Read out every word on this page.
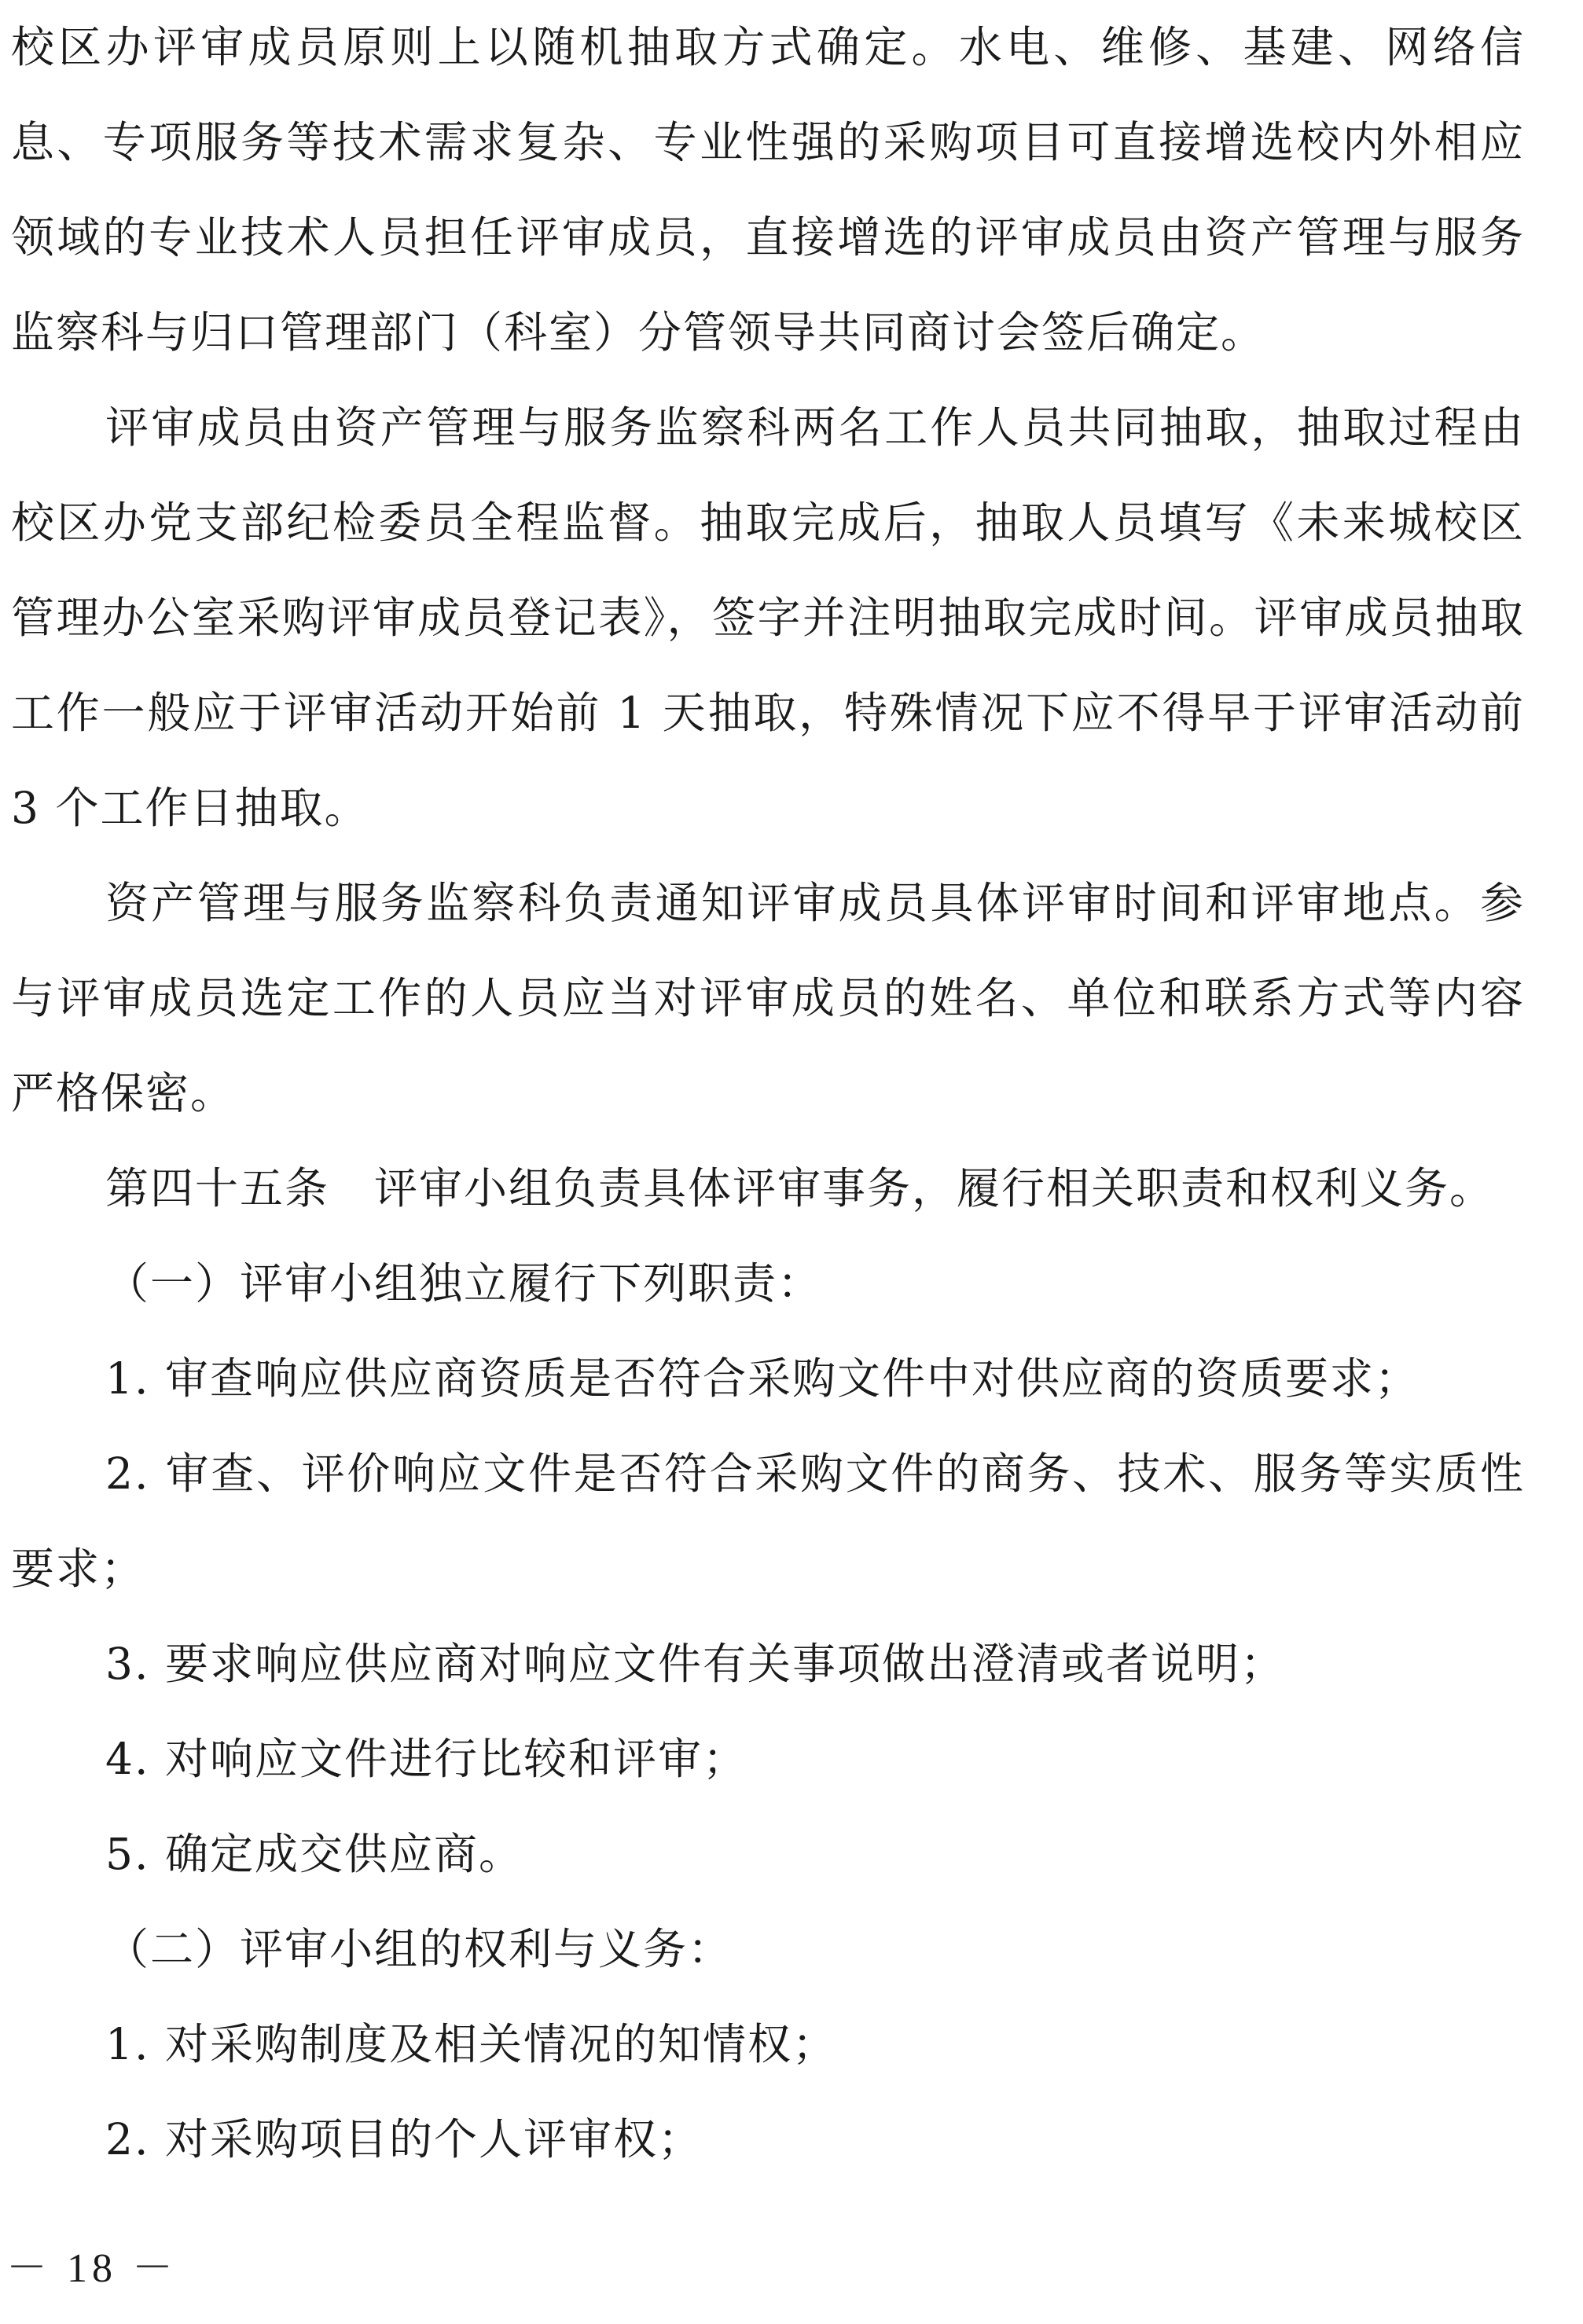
校区办评审成员原则上以随机抽取方式确定。水电、维修、基建、网络信息、专项服务等技术需求复杂、专业性强的采购项目可直接增选校内外相应领域的专业技术人员担任评审成员，直接增选的评审成员由资产管理与服务监察科与归口管理部门（科室）分管领导共同商讨会签后确定。

评审成员由资产管理与服务监察科两名工作人员共同抽取，抽取过程由校区办党支部纪检委员全程监督。抽取完成后，抽取人员填写《未来城校区管理办公室采购评审成员登记表》，签字并注明抽取完成时间。评审成员抽取工作一般应于评审活动开始前 1 天抽取，特殊情况下应不得早于评审活动前 3 个工作日抽取。

资产管理与服务监察科负责通知评审成员具体评审时间和评审地点。参与评审成员选定工作的人员应当对评审成员的姓名、单位和联系方式等内容严格保密。

第四十五条　评审小组负责具体评审事务，履行相关职责和权利义务。

（一）评审小组独立履行下列职责：

1. 审查响应供应商资质是否符合采购文件中对供应商的资质要求；

2. 审查、评价响应文件是否符合采购文件的商务、技术、服务等实质性要求；

3. 要求响应供应商对响应文件有关事项做出澄清或者说明；

4. 对响应文件进行比较和评审；

5. 确定成交供应商。

（二）评审小组的权利与义务：

1. 对采购制度及相关情况的知情权；

2. 对采购项目的个人评审权；

－ 18 －
